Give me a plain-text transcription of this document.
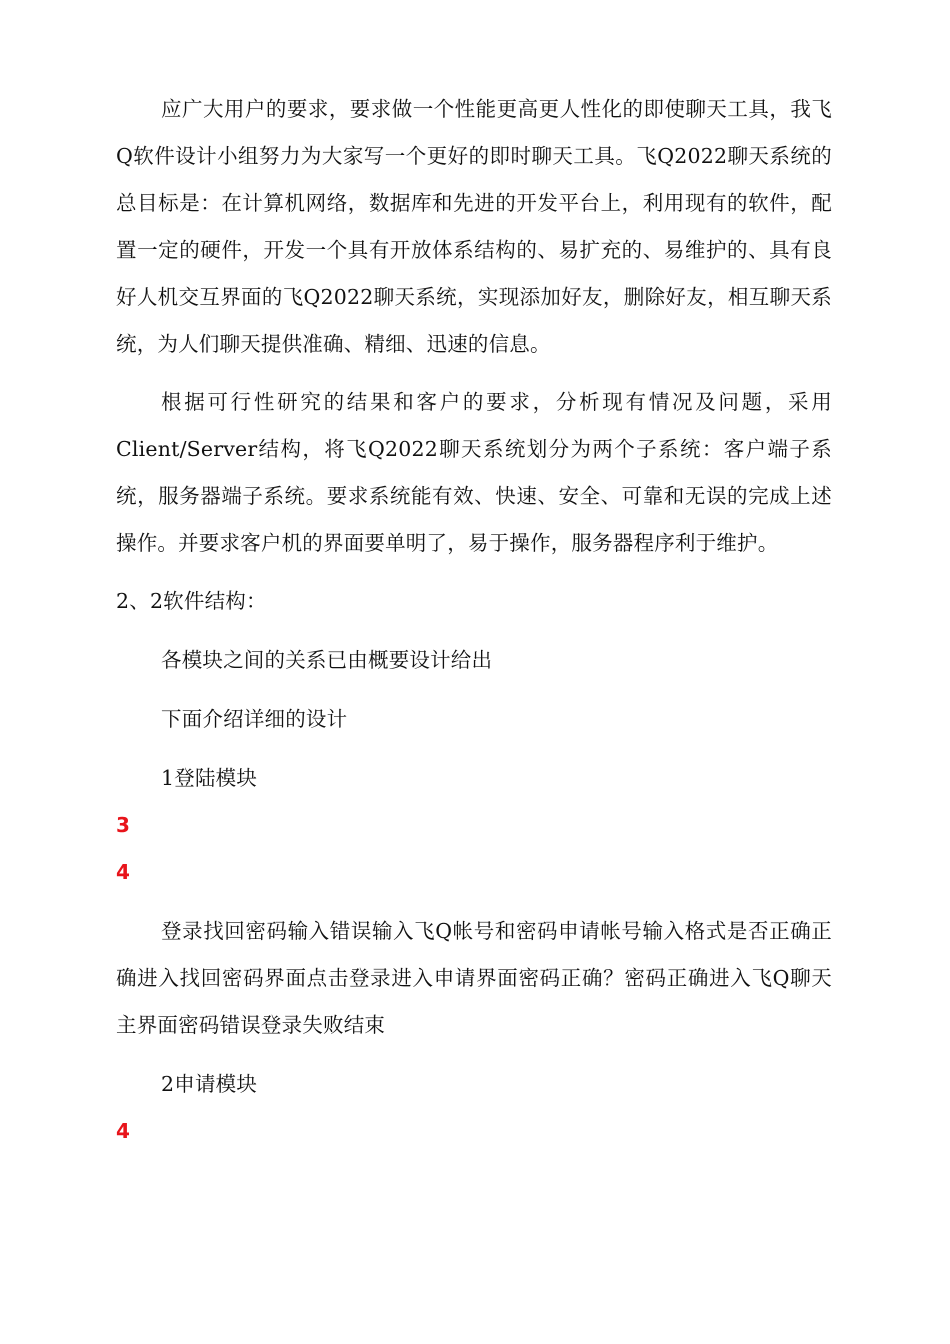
应广大用户的要求，要求做一个性能更高更人性化的即使聊天工具，我飞Q软件设计小组努力为大家写一个更好的即时聊天工具。飞Q2022聊天系统的总目标是：在计算机网络，数据库和先进的开发平台上，利用现有的软件，配置一定的硬件，开发一个具有开放体系结构的、易扩充的、易维护的、具有良好人机交互界面的飞Q2022聊天系统，实现添加好友，删除好友，相互聊天系统，为人们聊天提供准确、精细、迅速的信息。

根据可行性研究的结果和客户的要求，分析现有情况及问题，采用Client/Server结构，将飞Q2022聊天系统划分为两个子系统：客户端子系统，服务器端子系统。要求系统能有效、快速、安全、可靠和无误的完成上述操作。并要求客户机的界面要单明了，易于操作，服务器程序利于维护。

2、2软件结构：

各模块之间的关系已由概要设计给出

下面介绍详细的设计

1登陆模块

3

4

登录找回密码输入错误输入飞Q帐号和密码申请帐号输入格式是否正确正确进入找回密码界面点击登录进入申请界面密码正确？密码正确进入飞Q聊天主界面密码错误登录失败结束

2申请模块

4
